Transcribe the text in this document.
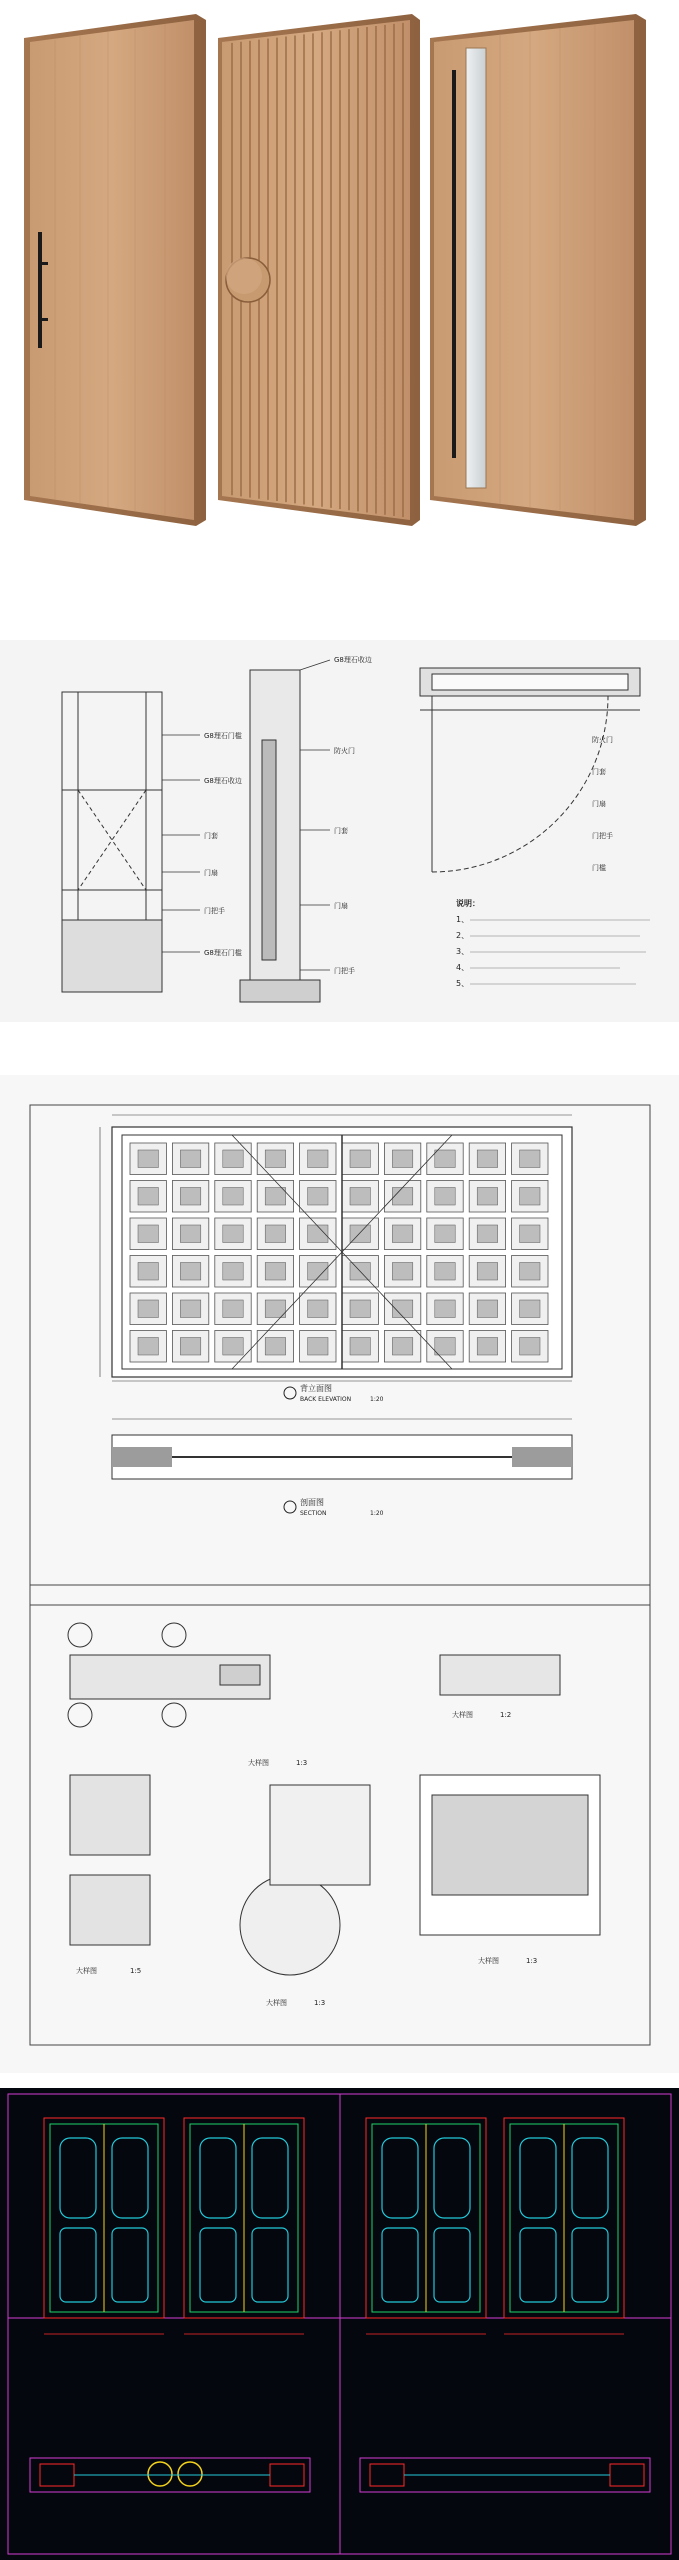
G8理石门槛
G8理石收边
门套
门扇
门把手
G8理石门槛
G8理石收边
防火门
门套
门扇
门把手
防火门
门套
门扇
门把手
门槛
说明：
1、
2、
3、
4、
5、
背立面图
BACK ELEVATION	1:20
剖面图
SECTION	1:20
大样图	1:2
大样图	1:3
大样图	1:5
大样图	1:3
大样图	1:3
